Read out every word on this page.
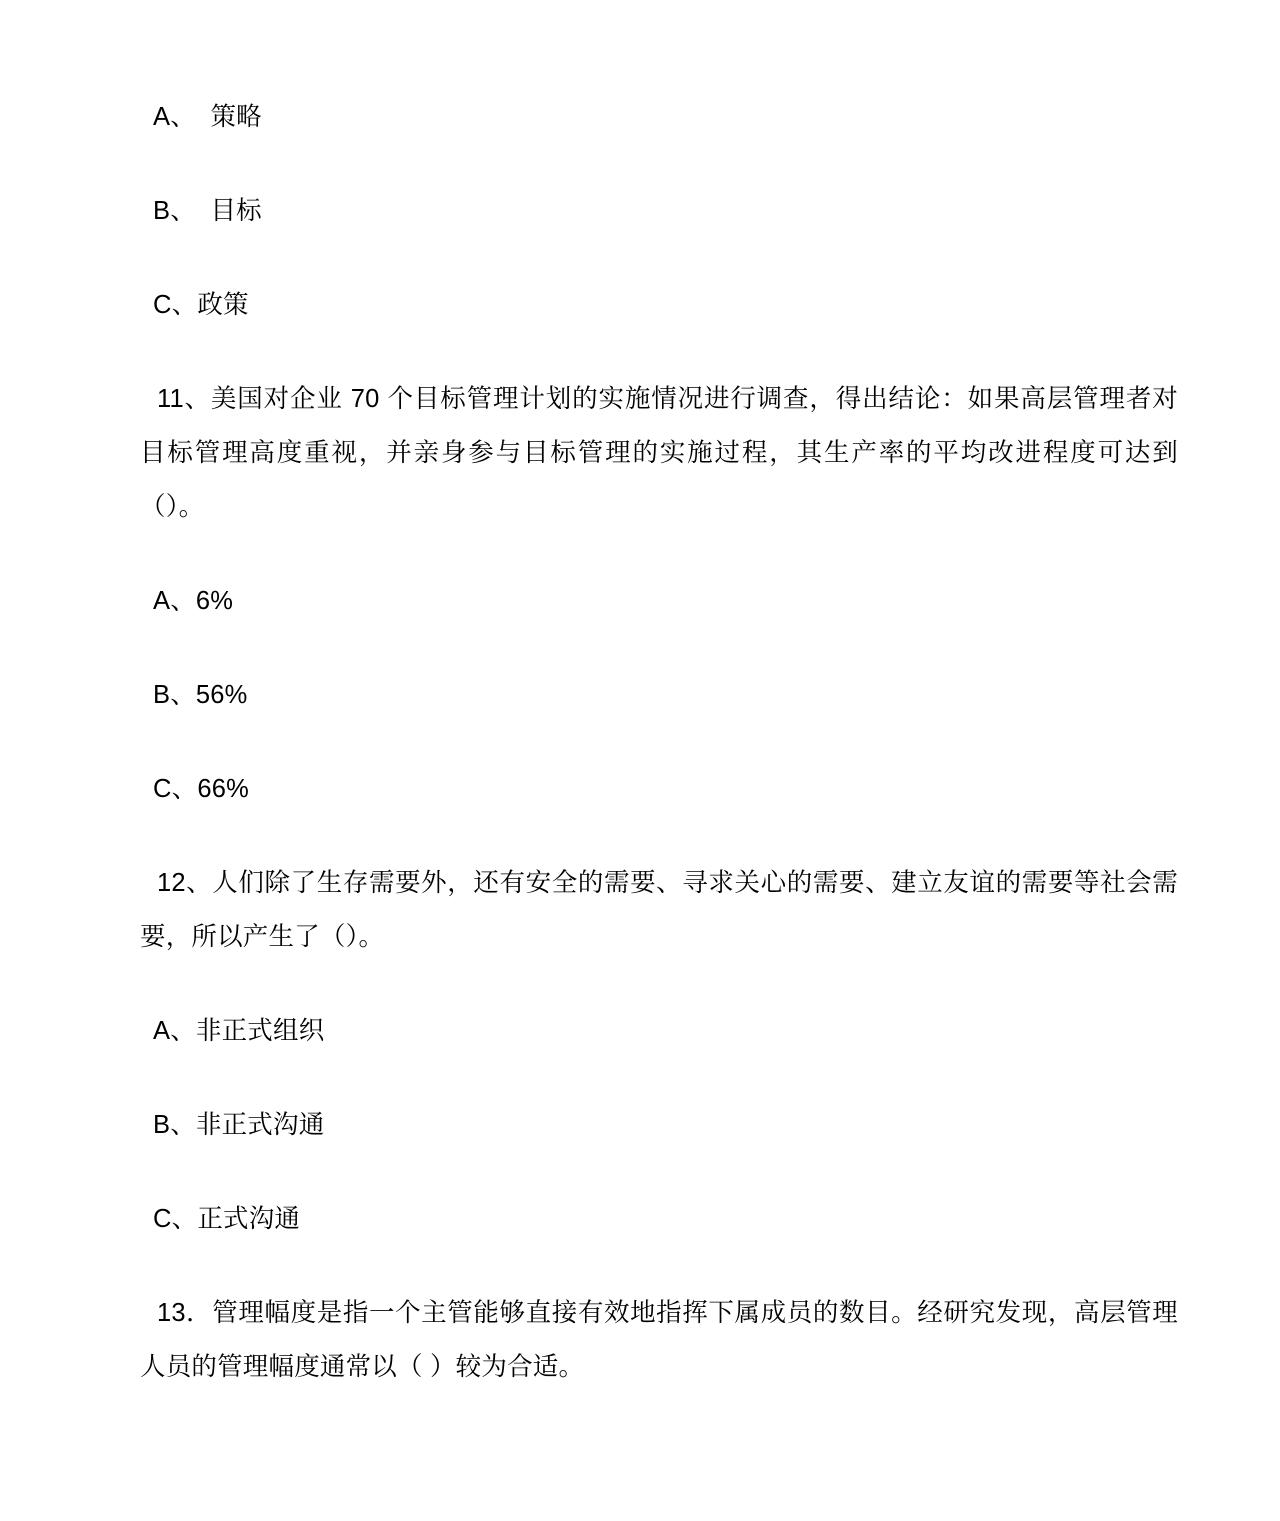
A、  策略

B、  目标

C、政策

11、美国对企业 70 个目标管理计划的实施情况进行调查，得出结论：如果高层管理者对目标管理高度重视，并亲身参与目标管理的实施过程，其生产率的平均改进程度可达到（）。

A、6%

B、56%

C、66%

12、人们除了生存需要外，还有安全的需要、寻求关心的需要、建立友谊的需要等社会需要，所以产生了（）。

A、非正式组织

B、非正式沟通

C、正式沟通

13．管理幅度是指一个主管能够直接有效地指挥下属成员的数目。经研究发现，高层管理人员的管理幅度通常以（ ）较为合适。
